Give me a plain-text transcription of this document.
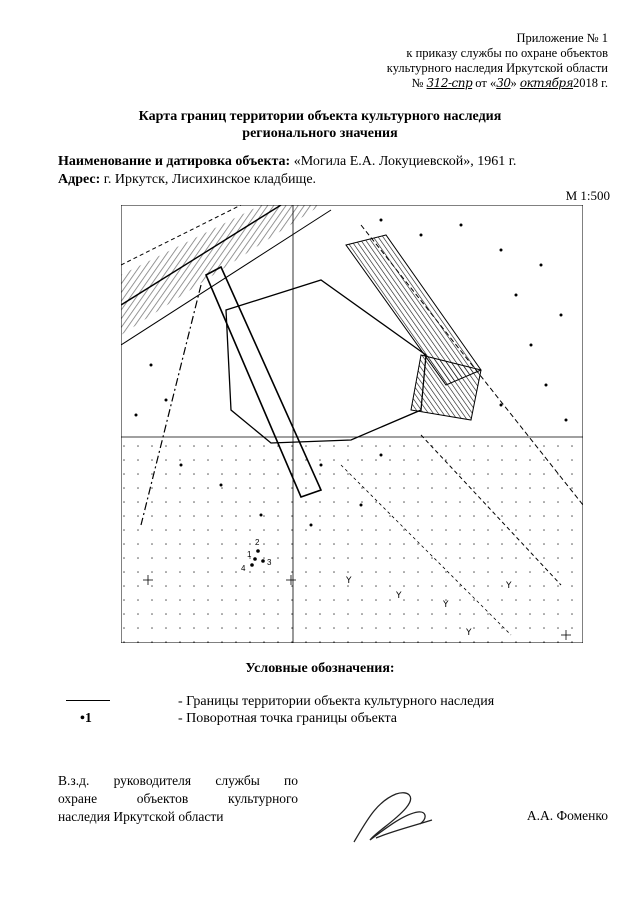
Приложение № 1
к приказу службы по охране объектов
культурного наследия Иркутской области
№ 312-спр от «30» октября2018 г.
Карта границ территории объекта культурного наследия
регионального значения
Наименование и датировка объекта: «Могила Е.А. Локуциевской», 1961 г.
Адрес: г. Иркутск, Лисихинское кладбище.
М 1:500
Y
Y
Y
Y
Y
1
2
3
4
Условные обозначения:
- Границы территории объекта культурного наследия
•1	- Поворотная точка границы объекта
В.з.д. руководителя службы по
охране объектов культурного
наследия Иркутской области	А.А. Фоменко
